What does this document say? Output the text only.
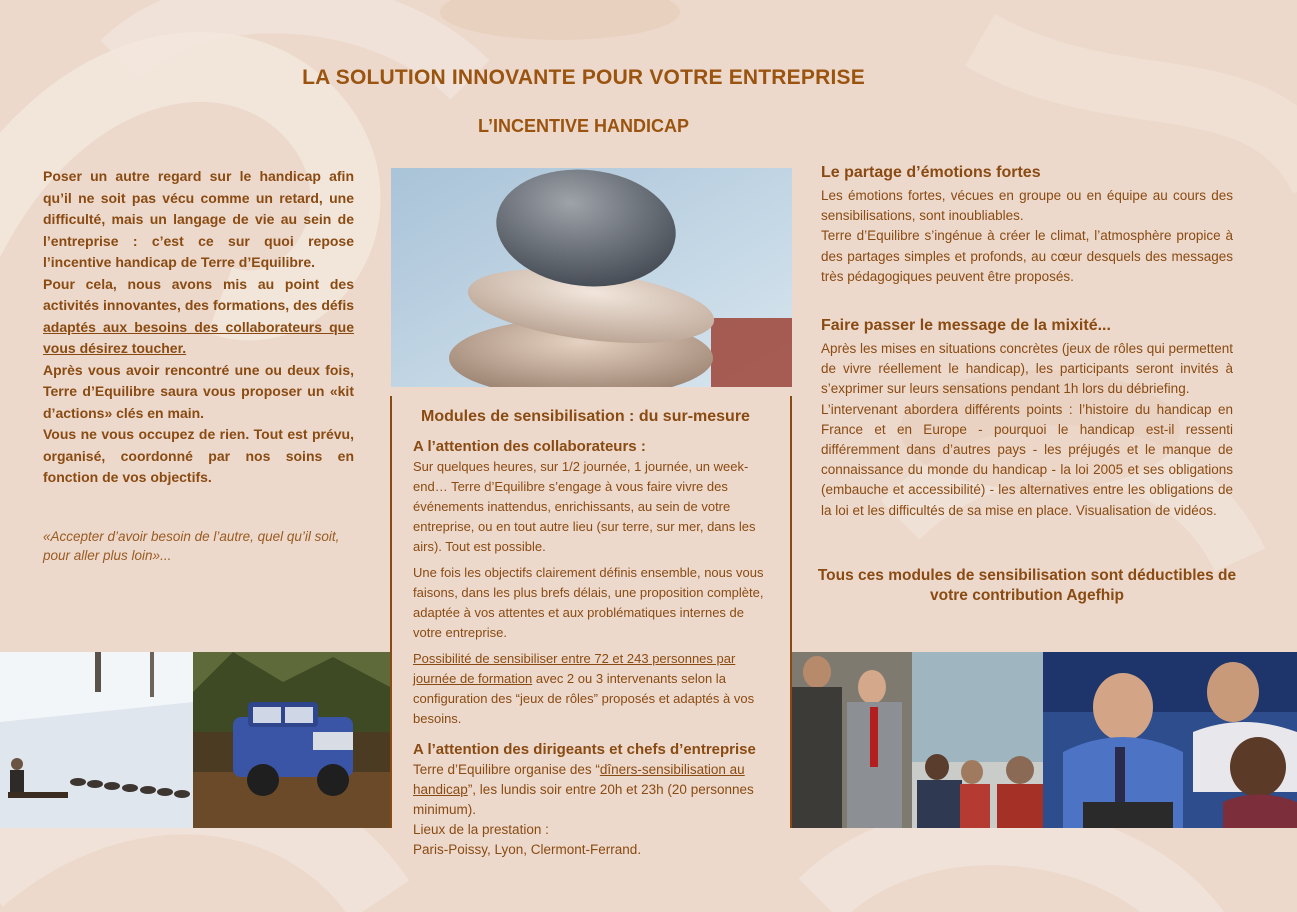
LA SOLUTION INNOVANTE POUR VOTRE ENTREPRISE
L’INCENTIVE HANDICAP

Poser un autre regard sur le handicap afin qu’il ne soit pas vécu comme un retard, une difficulté, mais un langage de vie au sein de l’entreprise : c’est ce sur quoi repose l’incentive handicap de Terre d’Equilibre.

Pour cela, nous avons mis au point des activités innovantes, des formations, des défis adaptés aux besoins des collaborateurs que vous désirez toucher.

Après vous avoir rencontré une ou deux fois, Terre d’Equilibre saura vous proposer un «kit d’actions» clés en main.

Vous ne vous occupez de rien. Tout est prévu, organisé, coordonné par nos soins en fonction de vos objectifs.

«Accepter d’avoir besoin de l’autre, quel qu’il soit, pour aller plus loin»...
Modules de sensibilisation : du sur-mesure
A l’attention des collaborateurs :

Sur quelques heures, sur 1/2 journée, 1 journée, un week-end… Terre d’Equilibre s’engage à vous faire vivre des événements inattendus, enrichissants, au sein de votre entreprise, ou en tout autre lieu (sur terre, sur mer, dans les airs). Tout est possible.

Une fois les objectifs clairement définis ensemble, nous vous faisons, dans les plus brefs délais, une proposition complète, adaptée à vos attentes et aux problématiques internes de votre entreprise.

Possibilité de sensibiliser entre 72 et 243 personnes par journée de formation avec 2 ou 3 intervenants selon la configuration des “jeux de rôles” proposés et adaptés à vos besoins.

A l’attention des dirigeants et chefs d’entreprise

Terre d’Equilibre organise des “dîners-sensibilisation au handicap”, les lundis soir entre 20h et 23h (20 personnes minimum).

Lieux de la prestation :

Paris-Poissy, Lyon, Clermont-Ferrand.

Le partage d’émotions fortes

Les émotions fortes, vécues en groupe ou en équipe au cours des sensibilisations, sont inoubliables.

Terre d’Equilibre s’ingénue à créer le climat, l’atmosphère propice à des partages simples et profonds, au cœur desquels des messages très pédagogiques peuvent être proposés.

Faire passer le message de la mixité...

Après les mises en situations concrètes (jeux de rôles qui permettent de vivre réellement le handicap), les participants seront invités à s’exprimer sur leurs sensations pendant 1h lors du débriefing.

L’intervenant abordera différents points : l’histoire du handicap en France et en Europe - pourquoi le handicap est-il ressenti différemment dans d’autres pays - les préjugés et le manque de connaissance du monde du handicap - la loi 2005 et ses obligations (embauche et accessibilité) - les alternatives entre les obligations de la loi et les difficultés de sa mise en place. Visualisation de vidéos.

Tous ces modules de sensibilisation sont déductibles de votre contribution Agefhip
